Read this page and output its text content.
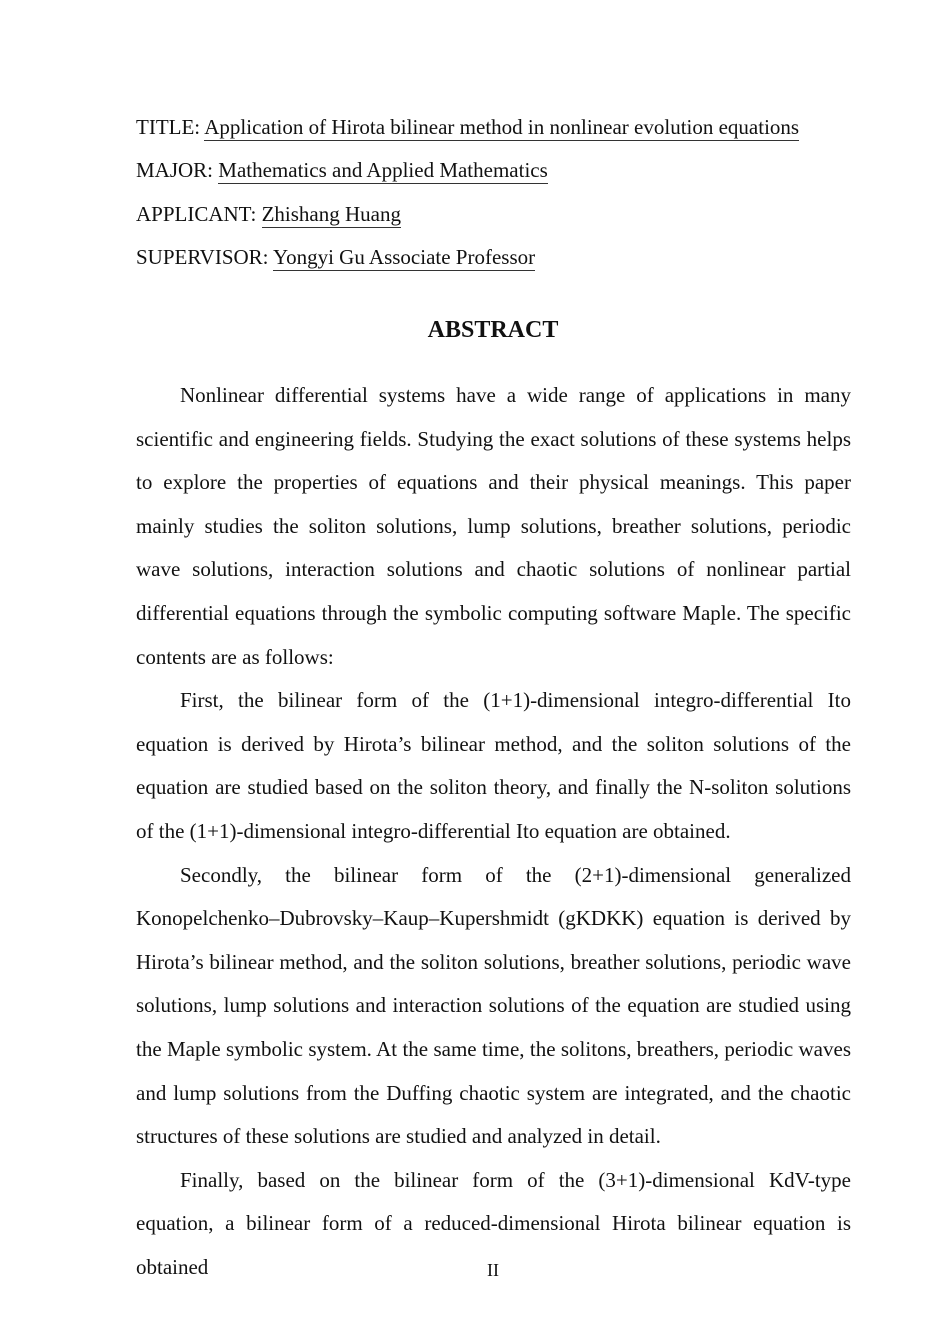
TITLE: Application of Hirota bilinear method in nonlinear evolution equations
MAJOR: Mathematics and Applied Mathematics
APPLICANT: Zhishang Huang
SUPERVISOR: Yongyi Gu Associate Professor
ABSTRACT

Nonlinear differential systems have a wide range of applications in many scientific and engineering fields. Studying the exact solutions of these systems helps to explore the properties of equations and their physical meanings. This paper mainly studies the soliton solutions, lump solutions, breather solutions, periodic wave solutions, interaction solutions and chaotic solutions of nonlinear partial differential equations through the symbolic computing software Maple. The specific contents are as follows:

First, the bilinear form of the (1+1)-dimensional integro-differential Ito equation is derived by Hirota’s bilinear method, and the soliton solutions of the equation are studied based on the soliton theory, and finally the N-soliton solutions of the (1+1)-dimensional integro-differential Ito equation are obtained.

Secondly, the bilinear form of the (2+1)-dimensional generalized Konopelchenko–Dubrovsky–Kaup–Kupershmidt (gKDKK) equation is derived by Hirota’s bilinear method, and the soliton solutions, breather solutions, periodic wave solutions, lump solutions and interaction solutions of the equation are studied using the Maple symbolic system. At the same time, the solitons, breathers, periodic waves and lump solutions from the Duffing chaotic system are integrated, and the chaotic structures of these solutions are studied and analyzed in detail.

Finally, based on the bilinear form of the (3+1)-dimensional KdV-type equation, a bilinear form of a reduced-dimensional Hirota bilinear equation is obtained	II
